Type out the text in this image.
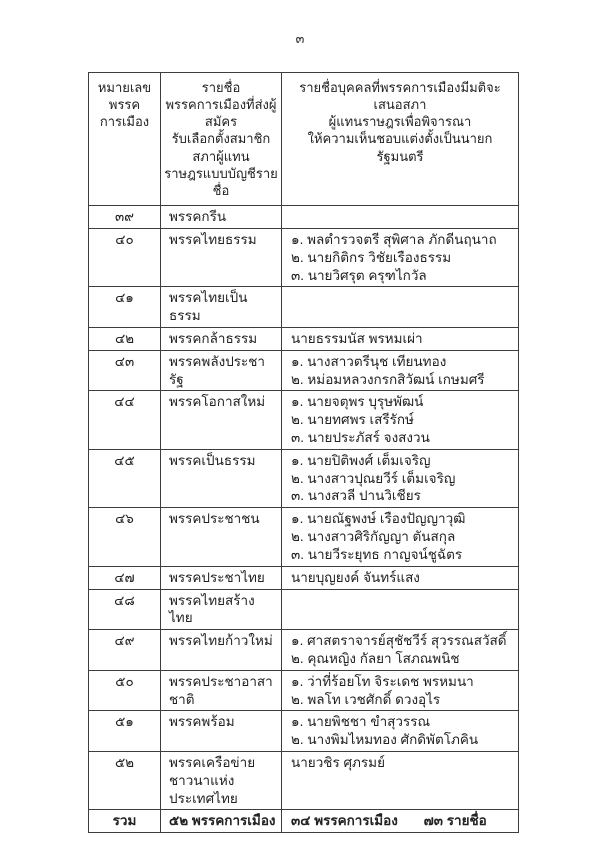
๓
หมายเลข
พรรค
การเมือง

รายชื่อพรรคการเมืองที่ส่งผู้สมัคร
รับเลือกตั้งสมาชิกสภาผู้แทน
ราษฎรแบบบัญชีรายชื่อ

รายชื่อบุคคลที่พรรคการเมืองมีมติจะเสนอสภา
ผู้แทนราษฎรเพื่อพิจารณา
ให้ความเห็นชอบแต่งตั้งเป็นนายกรัฐมนตรี

๓๙	พรรคกรีน	
๔๐	พรรคไทยธรรม	๑. พลตำรวจตรี สุพิศาล ภักดีนฤนาถ
๒. นายกิติกร วิชัยเรืองธรรม
๓. นายวิศรุต ครุฑไกวัล

๔๑	พรรคไทยเป็นธรรม	
๔๒	พรรคกล้าธรรม	นายธรรมนัส พรหมเผ่า

๔๓	พรรคพลังประชารัฐ	๑. นางสาวตรีนุช เทียนทอง
๒. หม่อมหลวงกรกสิวัฒน์ เกษมศรี

๔๔	พรรคโอกาสใหม่	๑. นายจตุพร บุรุษพัฒน์
๒. นายทศพร เสรีรักษ์
๓. นายประภัสร์ จงสงวน

๔๕	พรรคเป็นธรรม	๑. นายปิติพงศ์ เต็มเจริญ
๒. นางสาวปุณยวีร์ เต็มเจริญ
๓. นางสวลี ปานวิเชียร

๔๖	พรรคประชาชน	๑. นายณัฐพงษ์ เรืองปัญญาวุฒิ
๒. นางสาวศิริกัญญา ตันสกุล
๓. นายวีระยุทธ กาญจน์ชูฉัตร

๔๗	พรรคประชาไทย	นายบุญยงค์ จันทร์แสง

๔๘	พรรคไทยสร้างไทย	
๔๙	พรรคไทยก้าวใหม่	๑. ศาสตราจารย์สุชัชวีร์ สุวรรณสวัสดิ์
๒. คุณหญิง กัลยา โสภณพนิช

๕๐	พรรคประชาอาสาชาติ	๑. ว่าที่ร้อยโท จิระเดช พรหมนา
๒. พลโท เวชศักดิ์ ดวงอุไร

๕๑	พรรคพร้อม	๑. นายพิชชา ขำสุวรรณ
๒. นางพิมไหมทอง ศักดิพัตโภคิน

๕๒	พรรคเครือข่ายชาวนาแห่งประเทศไทย	นายวชิร ศุภรมย์

รวม	๕๒ พรรคการเมือง	๓๔ พรรคการเมือง ๗๓ รายชื่อ
